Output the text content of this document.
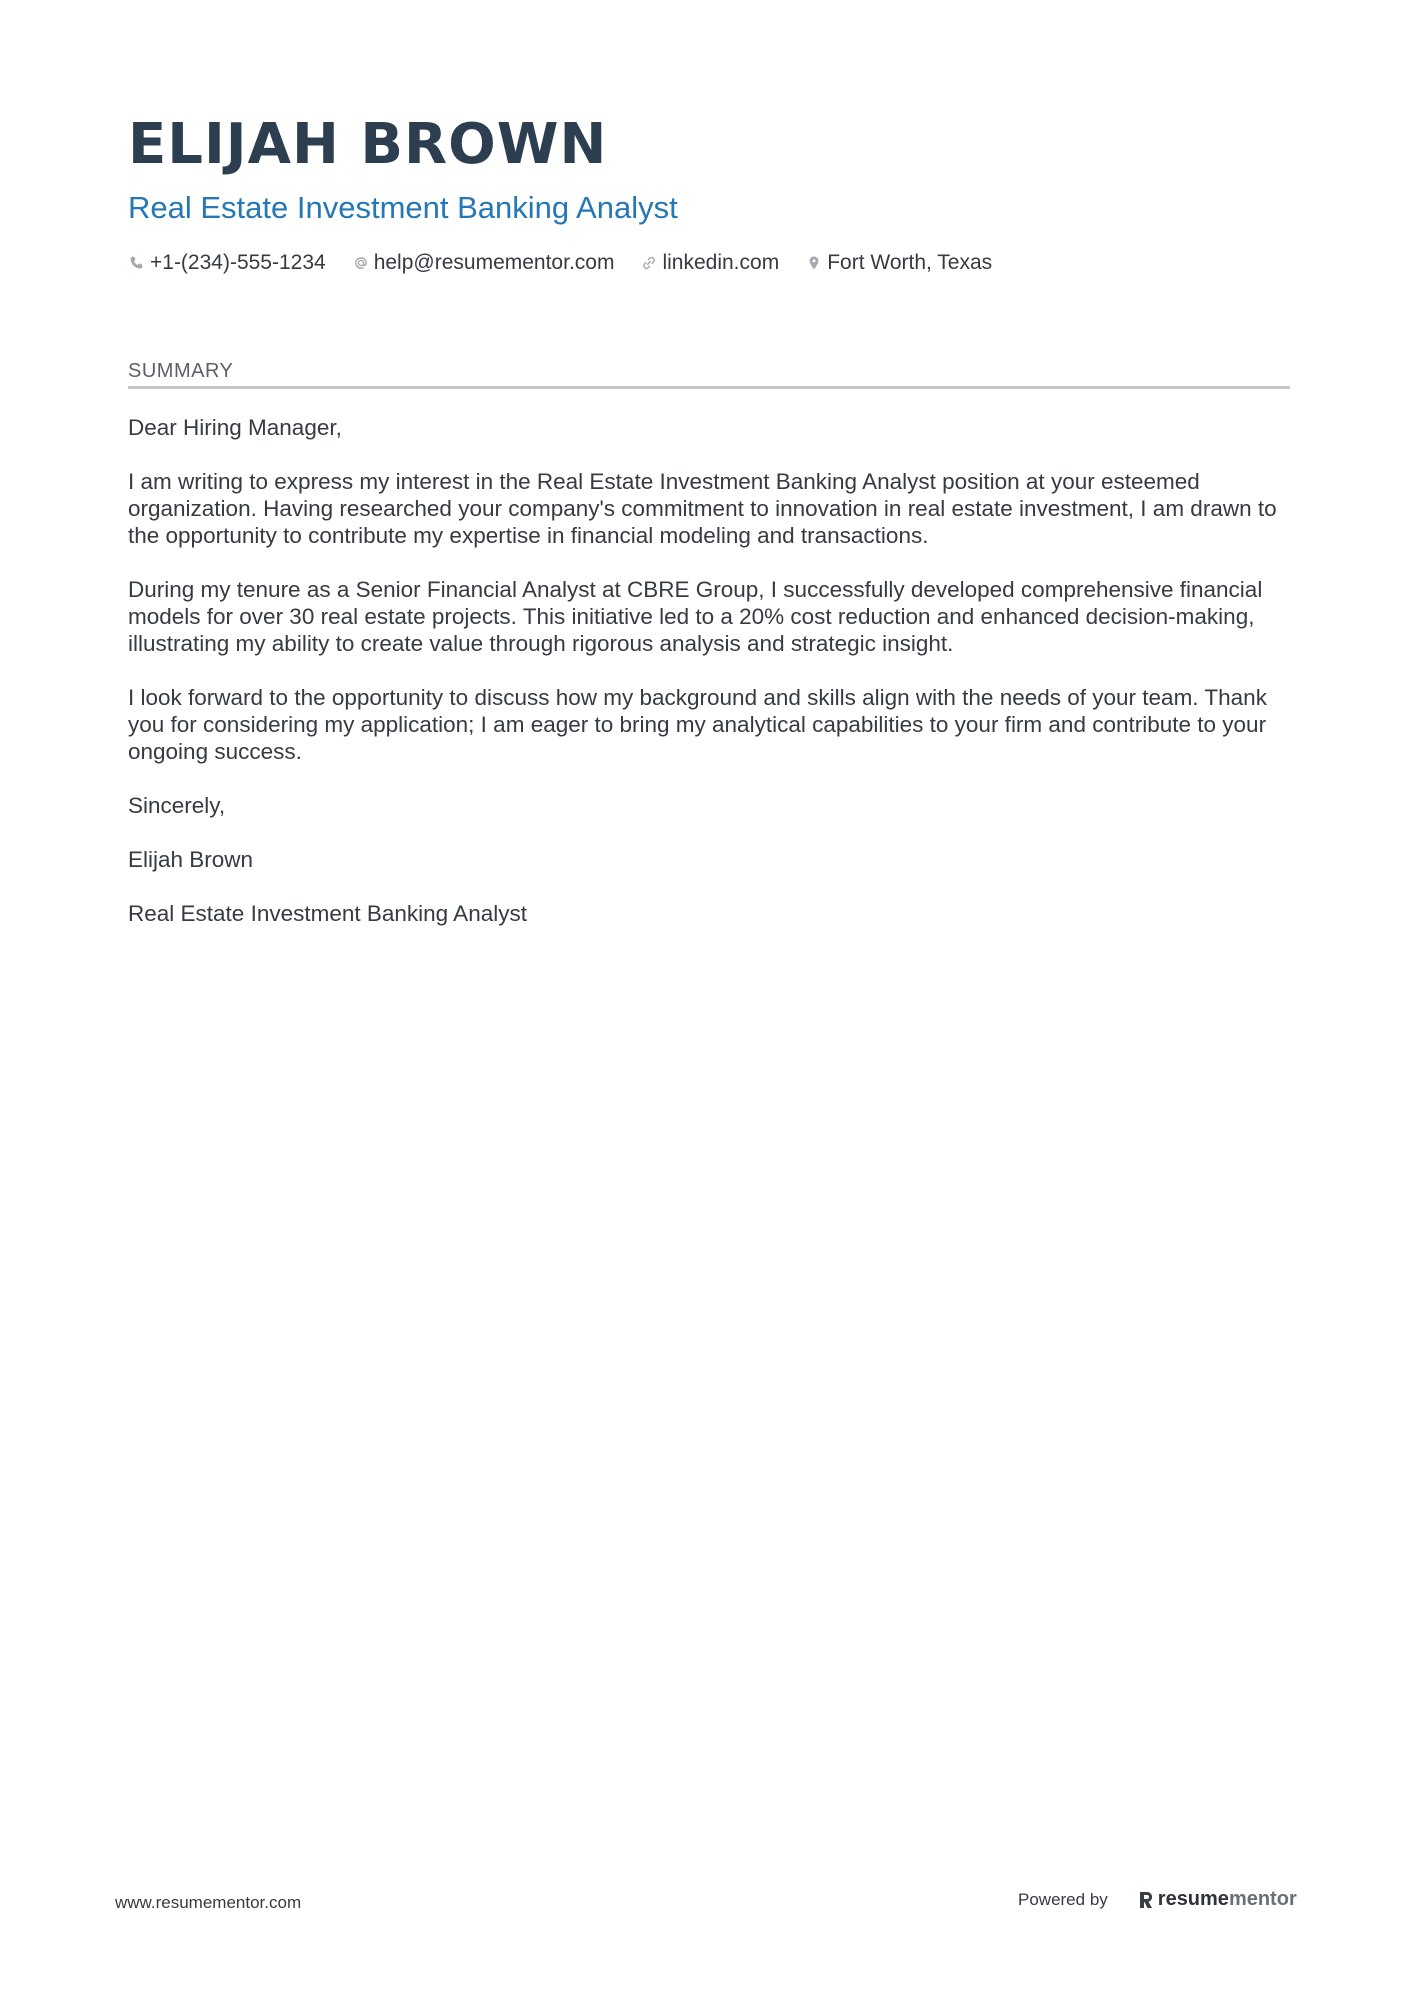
ELIJAH BROWN
Real Estate Investment Banking Analyst
+1-(234)-555-1234 help@resumementor.com linkedin.com Fort Worth, Texas
SUMMARY

Dear Hiring Manager,

I am writing to express my interest in the Real Estate Investment Banking Analyst position at your esteemed organization. Having researched your company's commitment to innovation in real estate investment, I am drawn to the opportunity to contribute my expertise in financial modeling and transactions.

During my tenure as a Senior Financial Analyst at CBRE Group, I successfully developed comprehensive financial models for over 30 real estate projects. This initiative led to a 20% cost reduction and enhanced decision-making, illustrating my ability to create value through rigorous analysis and strategic insight.

I look forward to the opportunity to discuss how my background and skills align with the needs of your team. Thank you for considering my application; I am eager to bring my analytical capabilities to your firm and contribute to your ongoing success.

Sincerely,

Elijah Brown

Real Estate Investment Banking Analyst

www.resumementor.com	Powered by	resume mentor
